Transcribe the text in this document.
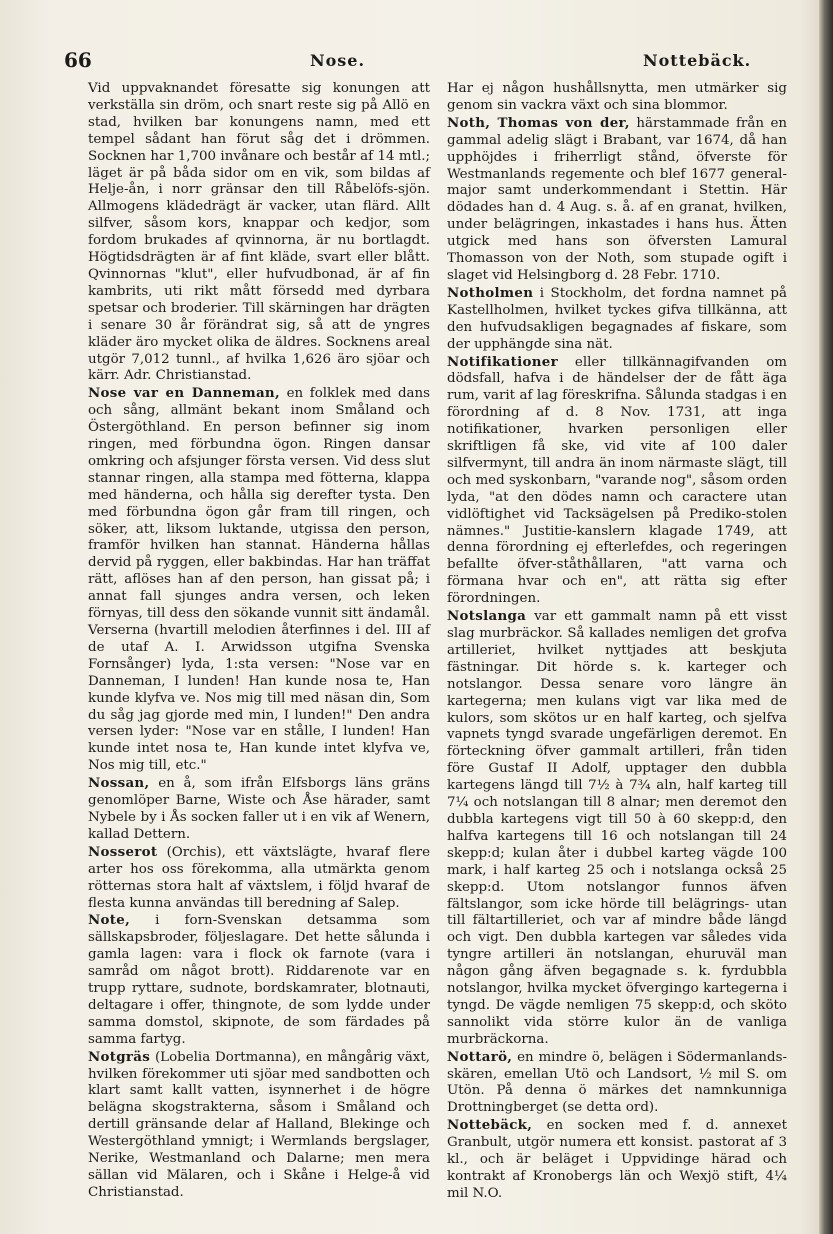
66	Nose.	Nottebäck.

Vid uppvaknandet föresatte sig konungen att verkställa sin dröm, och snart reste sig på Allö en stad, hvilken bar konungens namn, med ett tempel sådant han förut såg det i drömmen. Socknen har 1,700 invånare och består af 14 mtl.; läget är på båda sidor om en vik, som bildas af Helje-ån, i norr gränsar den till Råbelöfs-sjön. Allmogens klädedrägt är vacker, utan flärd. Allt silfver, såsom kors, knappar och kedjor, som fordom brukades af qvinnorna, är nu bortlagdt. Högtidsdrägten är af fint kläde, svart eller blått. Qvinnornas "klut", eller hufvudbonad, är af fin kambrits, uti rikt mått försedd med dyrbara spetsar och broderier. Till skärningen har drägten i senare 30 år förändrat sig, så att de yngres kläder äro mycket olika de äldres. Socknens areal utgör 7,012 tunnl., af hvilka 1,626 äro sjöar och kärr. Adr. Christianstad.

Nose var en Danneman, en folklek med dans och sång, allmänt bekant inom Småland och Östergöthland. En person befinner sig inom ringen, med förbundna ögon. Ringen dansar omkring och afsjunger första versen. Vid dess slut stannar ringen, alla stampa med fötterna, klappa med händerna, och hålla sig derefter tysta. Den med förbundna ögon går fram till ringen, och söker, att, liksom luktande, utgissa den person, framför hvilken han stannat. Händerna hållas dervid på ryggen, eller bakbindas. Har han träffat rätt, aflöses han af den person, han gissat på; i annat fall sjunges andra versen, och leken förnyas, till dess den sökande vunnit sitt ändamål. Verserna (hvartill melodien återfinnes i del. III af de utaf A. I. Arwidsson utgifna Svenska Fornsånger) lyda, 1:sta versen: "Nose var en Danneman, I lunden! Han kunde nosa te, Han kunde klyfva ve. Nos mig till med näsan din, Som du såg jag gjorde med min, I lunden!" Den andra versen lyder: "Nose var en stålle, I lunden! Han kunde intet nosa te, Han kunde intet klyfva ve, Nos mig till, etc."

Nossan, en å, som ifrån Elfsborgs läns gräns genomlöper Barne, Wiste och Åse härader, samt Nybele by i Ås socken faller ut i en vik af Wenern, kallad Dettern.

Nosserot (Orchis), ett växtslägte, hvaraf flere arter hos oss förekomma, alla utmärkta genom rötternas stora halt af växtslem, i följd hvaraf de flesta kunna användas till beredning af Salep.

Note, i forn-Svenskan detsamma som sällskapsbroder, följeslagare. Det hette sålunda i gamla lagen: vara i flock ok farnote (vara i samråd om något brott). Riddarenote var en trupp ryttare, sudnote, bordskamrater, blotnauti, deltagare i offer, thingnote, de som lydde under samma domstol, skipnote, de som färdades på samma fartyg.

Notgräs (Lobelia Dortmanna), en mångårig växt, hvilken förekommer uti sjöar med sandbotten och klart samt kallt vatten, isynnerhet i de högre belägna skogstrakterna, såsom i Småland och dertill gränsande delar af Halland, Blekinge och Westergöthland ymnigt; i Wermlands bergslager, Nerike, Westmanland och Dalarne; men mera sällan vid Mälaren, och i Skåne i Helge-å vid Christianstad.

Har ej någon hushållsnytta, men utmärker sig genom sin vackra växt och sina blommor.

Noth, Thomas von der, härstammade från en gammal adelig slägt i Brabant, var 1674, då han upphöjdes i friherrligt stånd, öfverste för Westmanlands regemente och blef 1677 general-major samt underkommendant i Stettin. Här dödades han d. 4 Aug. s. å. af en granat, hvilken, under belägringen, inkastades i hans hus. Ätten utgick med hans son öfversten Lamural Thomasson von der Noth, som stupade ogift i slaget vid Helsingborg d. 28 Febr. 1710.

Notholmen i Stockholm, det fordna namnet på Kastellholmen, hvilket tyckes gifva tillkänna, att den hufvudsakligen begagnades af fiskare, som der upphängde sina nät.

Notifikationer eller tillkännagifvanden om dödsfall, hafva i de händelser der de fått äga rum, varit af lag föreskrifna. Sålunda stadgas i en förordning af d. 8 Nov. 1731, att inga notifikationer, hvarken personligen eller skriftligen få ske, vid vite af 100 daler silfvermynt, till andra än inom närmaste slägt, till och med syskonbarn, "varande nog", såsom orden lyda, "at den dödes namn och caractere utan vidlöftighet vid Tacksägelsen på Prediko-stolen nämnes." Justitie-kanslern klagade 1749, att denna förordning ej efterlefdes, och regeringen befallte öfver-ståthållaren, "att varna och förmana hvar och en", att rätta sig efter förordningen.

Notslanga var ett gammalt namn på ett visst slag murbräckor. Så kallades nemligen det grofva artilleriet, hvilket nyttjades att beskjuta fästningar. Dit hörde s. k. karteger och notslangor. Dessa senare voro längre än kartegerna; men kulans vigt var lika med de kulors, som skötos ur en half karteg, och sjelfva vapnets tyngd svarade ungefärligen deremot. En förteckning öfver gammalt artilleri, från tiden före Gustaf II Adolf, upptager den dubbla kartegens längd till 7½ à 7¾ aln, half karteg till 7¼ och notslangan till 8 alnar; men deremot den dubbla kartegens vigt till 50 à 60 skepp:d, den halfva kartegens till 16 och notslangan till 24 skepp:d; kulan åter i dubbel karteg vägde 100 mark, i half karteg 25 och i notslanga också 25 skepp:d. Utom notslangor funnos äfven fältslangor, som icke hörde till belägrings- utan till fältartilleriet, och var af mindre både längd och vigt. Den dubbla kartegen var således vida tyngre artilleri än notslangan, ehuruväl man någon gång äfven begagnade s. k. fyrdubbla notslangor, hvilka mycket öfvergingo kartegerna i tyngd. De vägde nemligen 75 skepp:d, och sköto sannolikt vida större kulor än de vanliga murbräckorna.

Nottarö, en mindre ö, belägen i Södermanlands-skären, emellan Utö och Landsort, ½ mil S. om Utön. På denna ö märkes det namnkunniga Drottningberget (se detta ord).

Nottebäck, en socken med f. d. annexet Granbult, utgör numera ett konsist. pastorat af 3 kl., och är beläget i Uppvidinge härad och kontrakt af Kronobergs län och Wexjö stift, 4¼ mil N.O.
